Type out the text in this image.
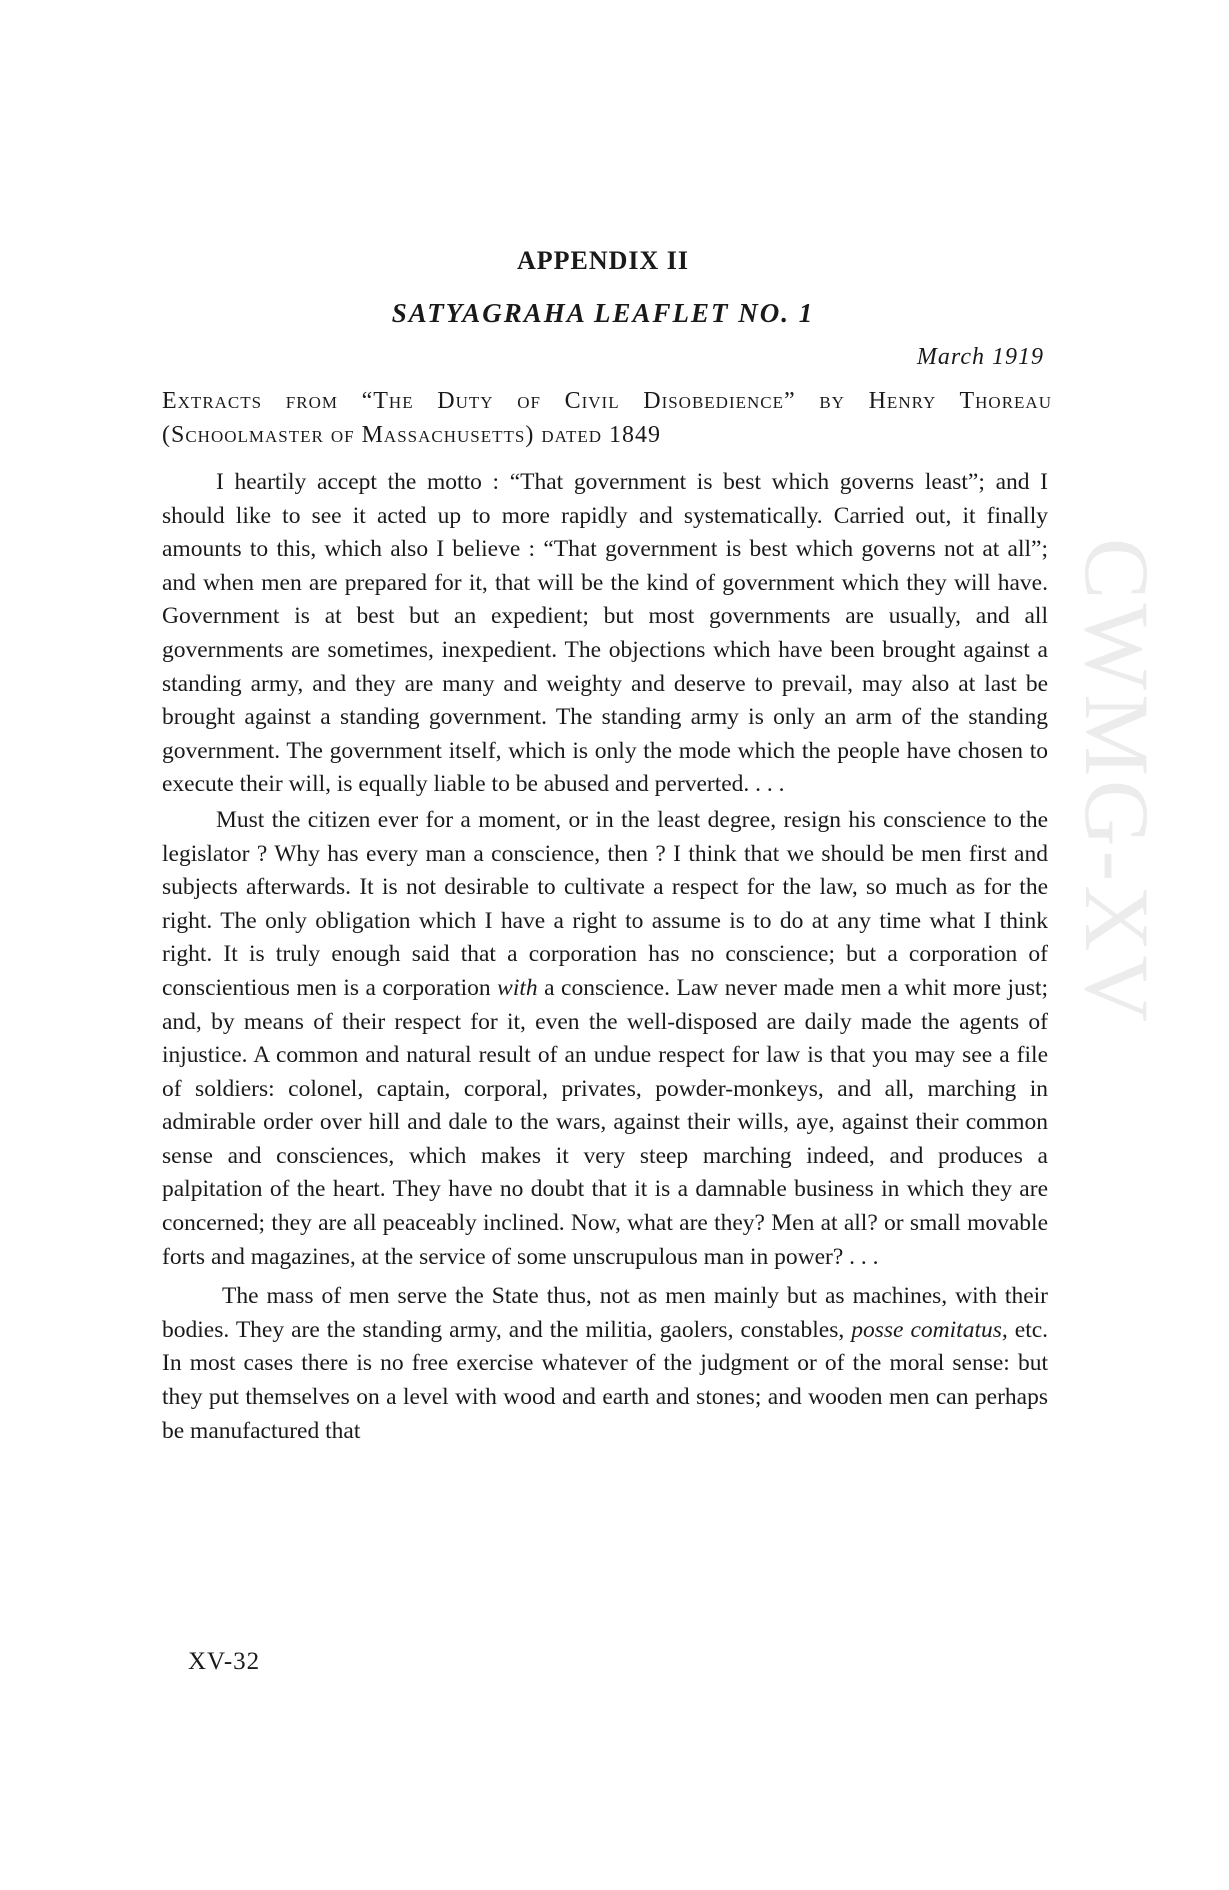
CWMG-XV
APPENDIX II
SATYAGRAHA LEAFLET NO. 1
March 1919

Extracts from “The Duty of Civil Disobedience” by Henry Thoreau (Schoolmaster of Massachusetts) dated 1849

I heartily accept the motto : “That government is best which governs least”; and I should like to see it acted up to more rapidly and systematically. Carried out, it finally amounts to this, which also I believe : “That government is best which governs not at all”; and when men are prepared for it, that will be the kind of government which they will have. Government is at best but an expedient; but most governments are usually, and all governments are sometimes, inexpedient. The objections which have been brought against a standing army, and they are many and weighty and deserve to prevail, may also at last be brought against a standing government. The standing army is only an arm of the standing government. The government itself, which is only the mode which the people have chosen to execute their will, is equally liable to be abused and perverted. . . .

Must the citizen ever for a moment, or in the least degree, resign his conscience to the legislator ? Why has every man a conscience, then ? I think that we should be men first and subjects afterwards. It is not desirable to cultivate a respect for the law, so much as for the right. The only obligation which I have a right to assume is to do at any time what I think right. It is truly enough said that a corporation has no conscience; but a corporation of conscientious men is a corporation with a conscience. Law never made men a whit more just; and, by means of their respect for it, even the well-disposed are daily made the agents of injustice. A common and natural result of an undue respect for law is that you may see a file of soldiers: colonel, captain, corporal, privates, powder-monkeys, and all, marching in admirable order over hill and dale to the wars, against their wills, aye, against their common sense and consciences, which makes it very steep marching indeed, and produces a palpitation of the heart. They have no doubt that it is a damnable business in which they are concerned; they are all peaceably inclined. Now, what are they? Men at all? or small movable forts and magazines, at the service of some unscrupulous man in power? . . .

The mass of men serve the State thus, not as men mainly but as machines, with their bodies. They are the standing army, and the militia, gaolers, constables, posse comitatus, etc. In most cases there is no free exercise whatever of the judgment or of the moral sense: but they put themselves on a level with wood and earth and stones; and wooden men can perhaps be manufactured that

XV-32
